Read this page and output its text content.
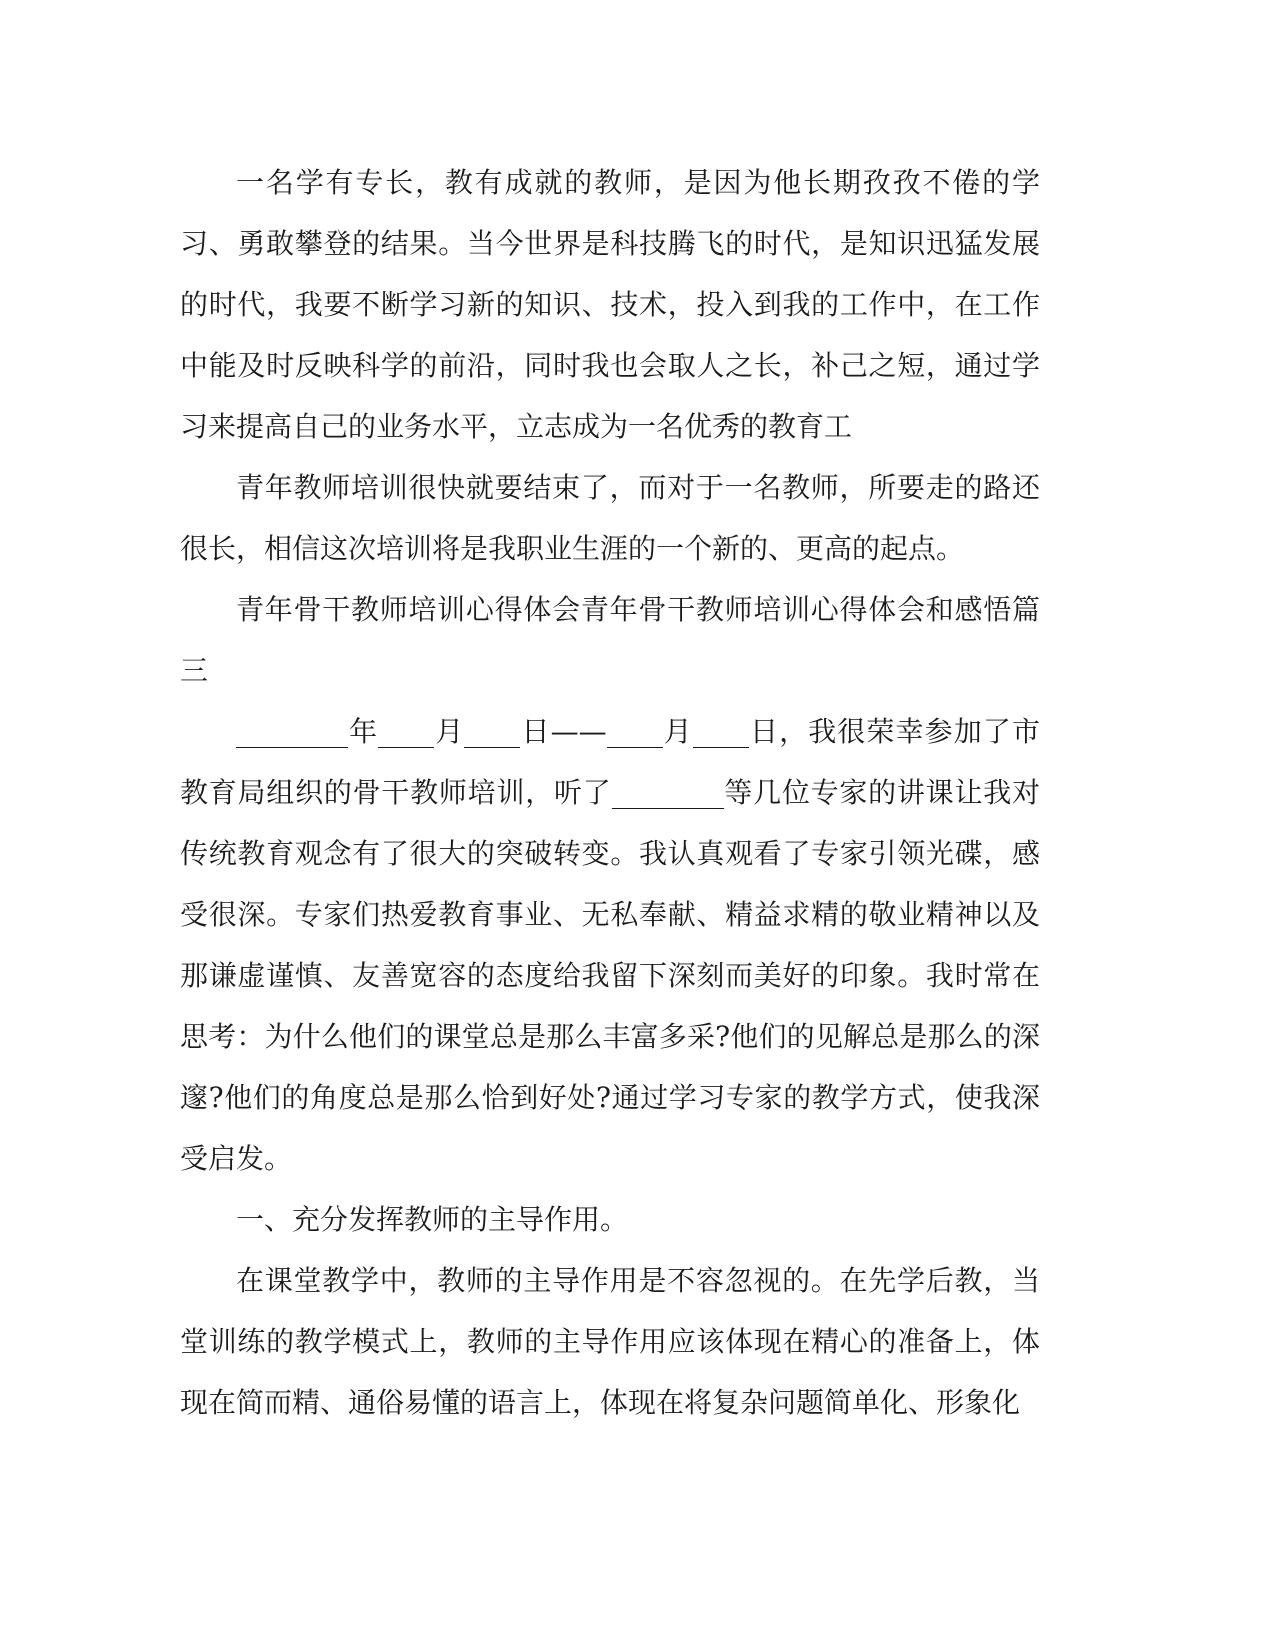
一名学有专长，教有成就的教师，是因为他长期孜孜不倦的学习、勇敢攀登的结果。当今世界是科技腾飞的时代，是知识迅猛发展的时代，我要不断学习新的知识、技术，投入到我的工作中，在工作中能及时反映科学的前沿，同时我也会取人之长，补己之短，通过学习来提高自己的业务水平，立志成为一名优秀的教育工

青年教师培训很快就要结束了，而对于一名教师，所要走的路还很长，相信这次培训将是我职业生涯的一个新的、更高的起点。

青年骨干教师培训心得体会青年骨干教师培训心得体会和感悟篇三

年 月 日—— 月 日，我很荣幸参加了市教育局组织的骨干教师培训，听了	等几位专家的讲课让我对传统教育观念有了很大的突破转变。我认真观看了专家引领光碟，感受很深。专家们热爱教育事业、无私奉献、精益求精的敬业精神以及那谦虚谨慎、友善宽容的态度给我留下深刻而美好的印象。我时常在思考：为什么他们的课堂总是那么丰富多采?他们的见解总是那么的深邃?他们的角度总是那么恰到好处?通过学习专家的教学方式，使我深受启发。

一、充分发挥教师的主导作用。

在课堂教学中，教师的主导作用是不容忽视的。在先学后教，当堂训练的教学模式上，教师的主导作用应该体现在精心的准备上，体现在简而精、通俗易懂的语言上，体现在将复杂问题简单化、形象化
